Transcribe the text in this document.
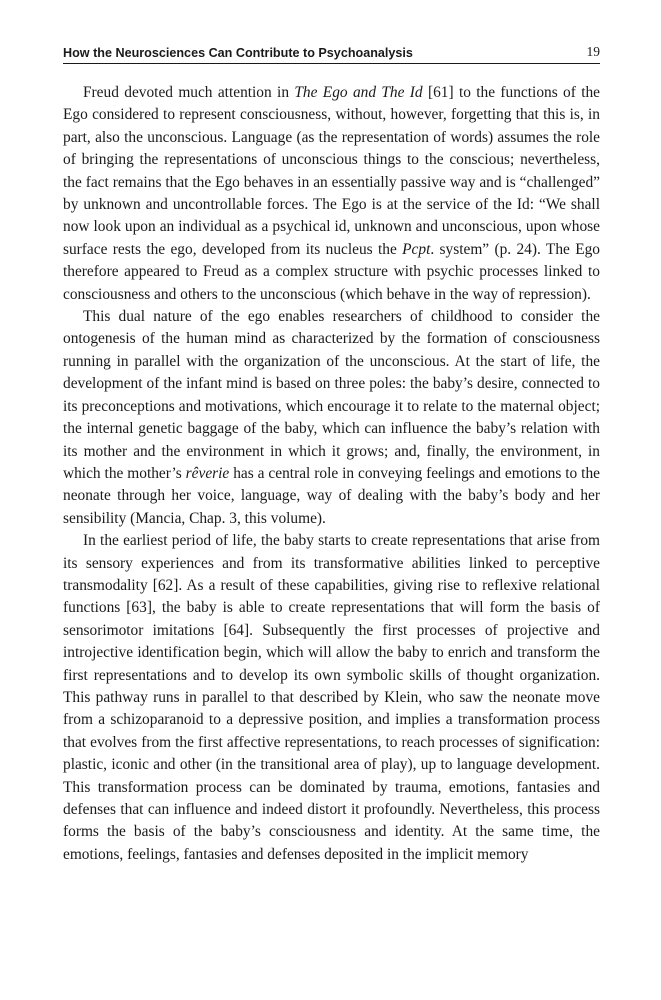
How the Neurosciences Can Contribute to Psychoanalysis	19

Freud devoted much attention in The Ego and The Id [61] to the functions of the Ego considered to represent consciousness, without, however, forgetting that this is, in part, also the unconscious. Language (as the representation of words) assumes the role of bringing the representations of unconscious things to the conscious; nevertheless, the fact remains that the Ego behaves in an essentially passive way and is “challenged” by unknown and uncontrollable forces. The Ego is at the service of the Id: “We shall now look upon an individual as a psychical id, unknown and unconscious, upon whose surface rests the ego, developed from its nucleus the Pcpt. system” (p. 24). The Ego therefore appeared to Freud as a complex structure with psychic processes linked to consciousness and others to the unconscious (which behave in the way of repression).

This dual nature of the ego enables researchers of childhood to consider the ontogenesis of the human mind as characterized by the formation of consciousness running in parallel with the organization of the unconscious. At the start of life, the development of the infant mind is based on three poles: the baby’s desire, connected to its preconceptions and motivations, which encourage it to relate to the maternal object; the internal genetic baggage of the baby, which can influence the baby’s relation with its mother and the environment in which it grows; and, finally, the environment, in which the mother’s rêverie has a central role in conveying feelings and emotions to the neonate through her voice, language, way of dealing with the baby’s body and her sensibility (Mancia, Chap. 3, this volume).

In the earliest period of life, the baby starts to create representations that arise from its sensory experiences and from its transformative abilities linked to perceptive transmodality [62]. As a result of these capabilities, giving rise to reflexive relational functions [63], the baby is able to create representations that will form the basis of sensorimotor imitations [64]. Subsequently the first processes of projective and introjective identification begin, which will allow the baby to enrich and transform the first representations and to develop its own symbolic skills of thought organization. This pathway runs in parallel to that described by Klein, who saw the neonate move from a schizoparanoid to a depressive position, and implies a transformation process that evolves from the first affective representations, to reach processes of signification: plastic, iconic and other (in the transitional area of play), up to language development. This transformation process can be dominated by trauma, emotions, fantasies and defenses that can influence and indeed distort it profoundly. Nevertheless, this process forms the basis of the baby’s consciousness and identity. At the same time, the emotions, feelings, fantasies and defenses deposited in the implicit memory
